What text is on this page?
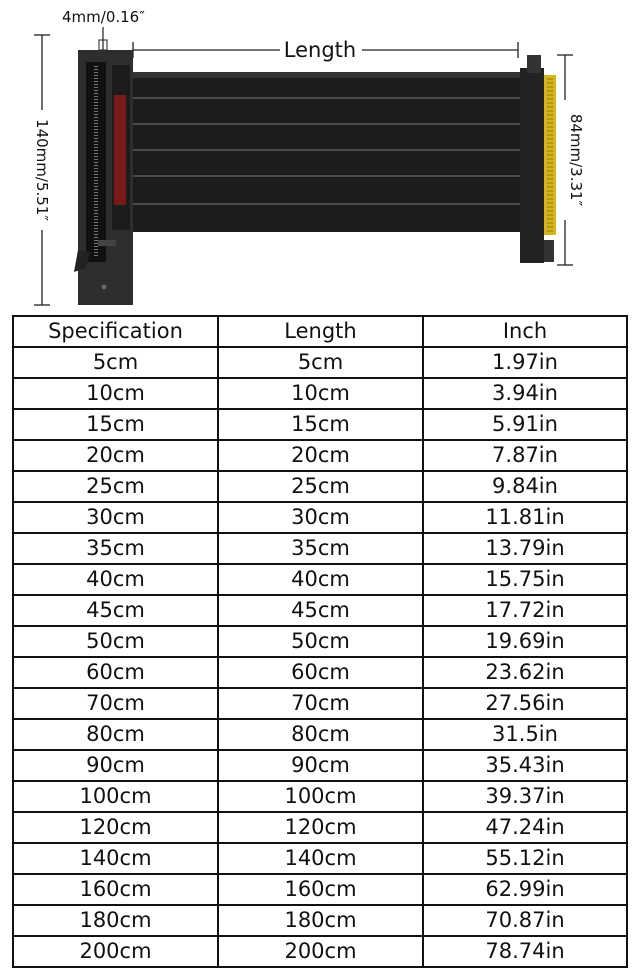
4mm/0.16″
Length
140mm/5.51″	84mm/3.31″
Specification	Length	Inch
5cm	5cm	1.97in
10cm	10cm	3.94in
15cm	15cm	5.91in
20cm	20cm	7.87in
25cm	25cm	9.84in
30cm	30cm	11.81in
35cm	35cm	13.79in
40cm	40cm	15.75in
45cm	45cm	17.72in
50cm	50cm	19.69in
60cm	60cm	23.62in
70cm	70cm	27.56in
80cm	80cm	31.5in
90cm	90cm	35.43in
100cm	100cm	39.37in
120cm	120cm	47.24in
140cm	140cm	55.12in
160cm	160cm	62.99in
180cm	180cm	70.87in
200cm	200cm	78.74in
